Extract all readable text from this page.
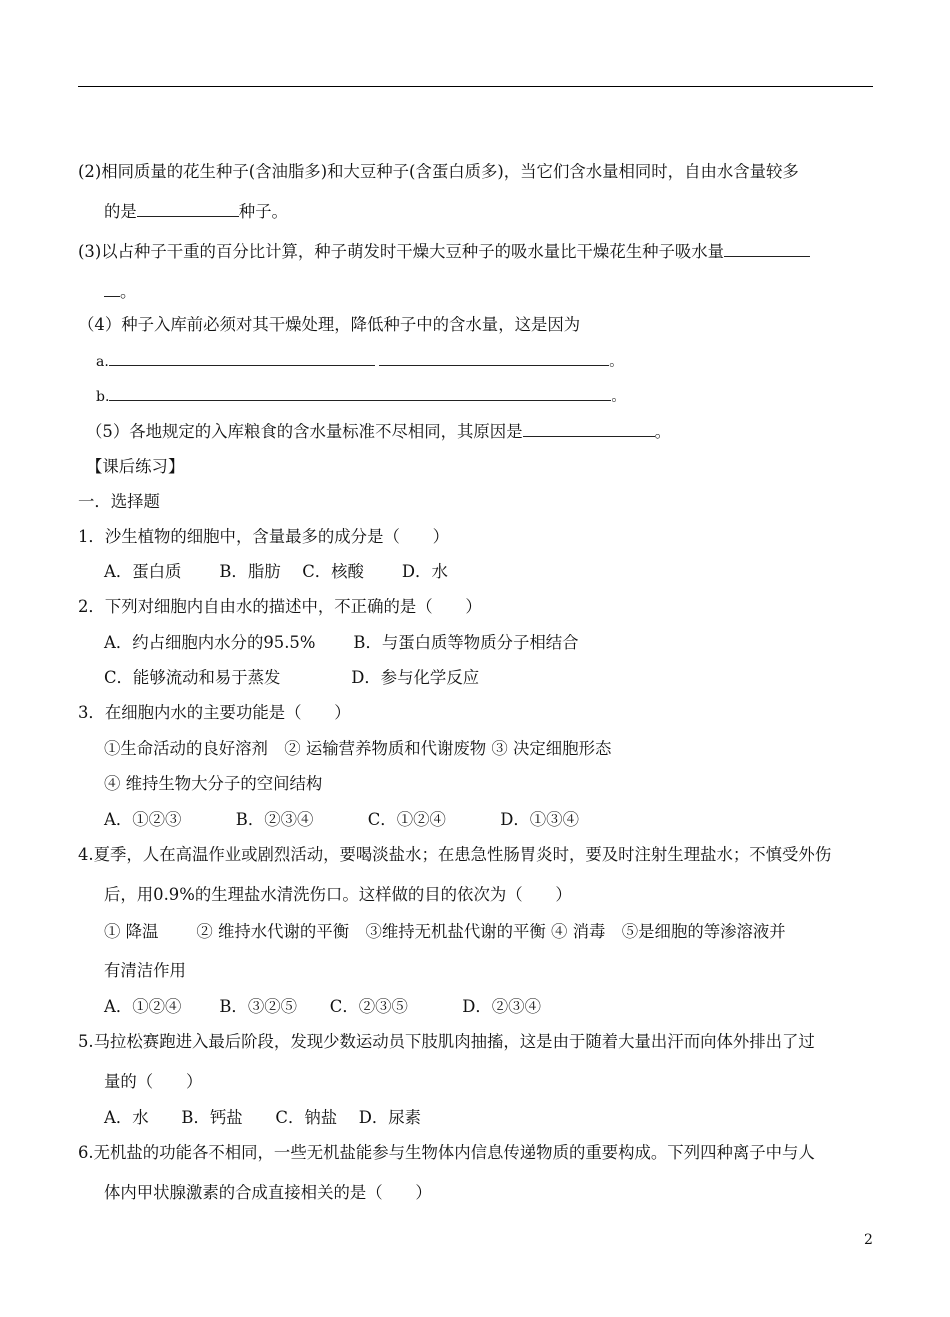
(2)相同质量的花生种子(含油脂多)和大豆种子(含蛋白质多)，当它们含水量相同时，自由水含量较多
的是	种子。
(3)以占种子干重的百分比计算，种子萌发时干燥大豆种子的吸水量比干燥花生种子吸水量
。
（4）种子入库前必须对其干燥处理，降低种子中的含水量，这是因为
a.	。
b.	。
（5）各地规定的入库粮食的含水量标准不尽相同，其原因是	。
【课后练习】
一．选择题
1．沙生植物的细胞中，含量最多的成分是（　　）
A．蛋白质　　 B．脂肪　 C．核酸　　 D．水
2．下列对细胞内自由水的描述中，不正确的是（　　）
A．约占细胞内水分的95.5%　　 B．与蛋白质等物质分子相结合
C．能够流动和易于蒸发　　　　 D．参与化学反应
3．在细胞内水的主要功能是（　　）
①生命活动的良好溶剂　② 运输营养物质和代谢废物 ③ 决定细胞形态
④ 维持生物大分子的空间结构
A．①②③　　　 B．②③④　　　 C．①②④　　　 D．①③④
4.夏季，人在高温作业或剧烈活动，要喝淡盐水；在患急性肠胃炎时，要及时注射生理盐水；不慎受外伤
后，用0.9%的生理盐水清洗伤口。这样做的目的依次为（　　）
① 降温　　 ② 维持水代谢的平衡　③维持无机盐代谢的平衡 ④ 消毒　⑤是细胞的等渗溶液并
有清洁作用
A．①②④　　 B．③②⑤　　C．②③⑤　　　 D．②③④
5.马拉松赛跑进入最后阶段，发现少数运动员下肢肌肉抽搐，这是由于随着大量出汗而向体外排出了过
量的（　　）
A．水　　B．钙盐　　C．钠盐　 D．尿素
6.无机盐的功能各不相同，一些无机盐能参与生物体内信息传递物质的重要构成。下列四种离子中与人
体内甲状腺激素的合成直接相关的是（　　）
2
